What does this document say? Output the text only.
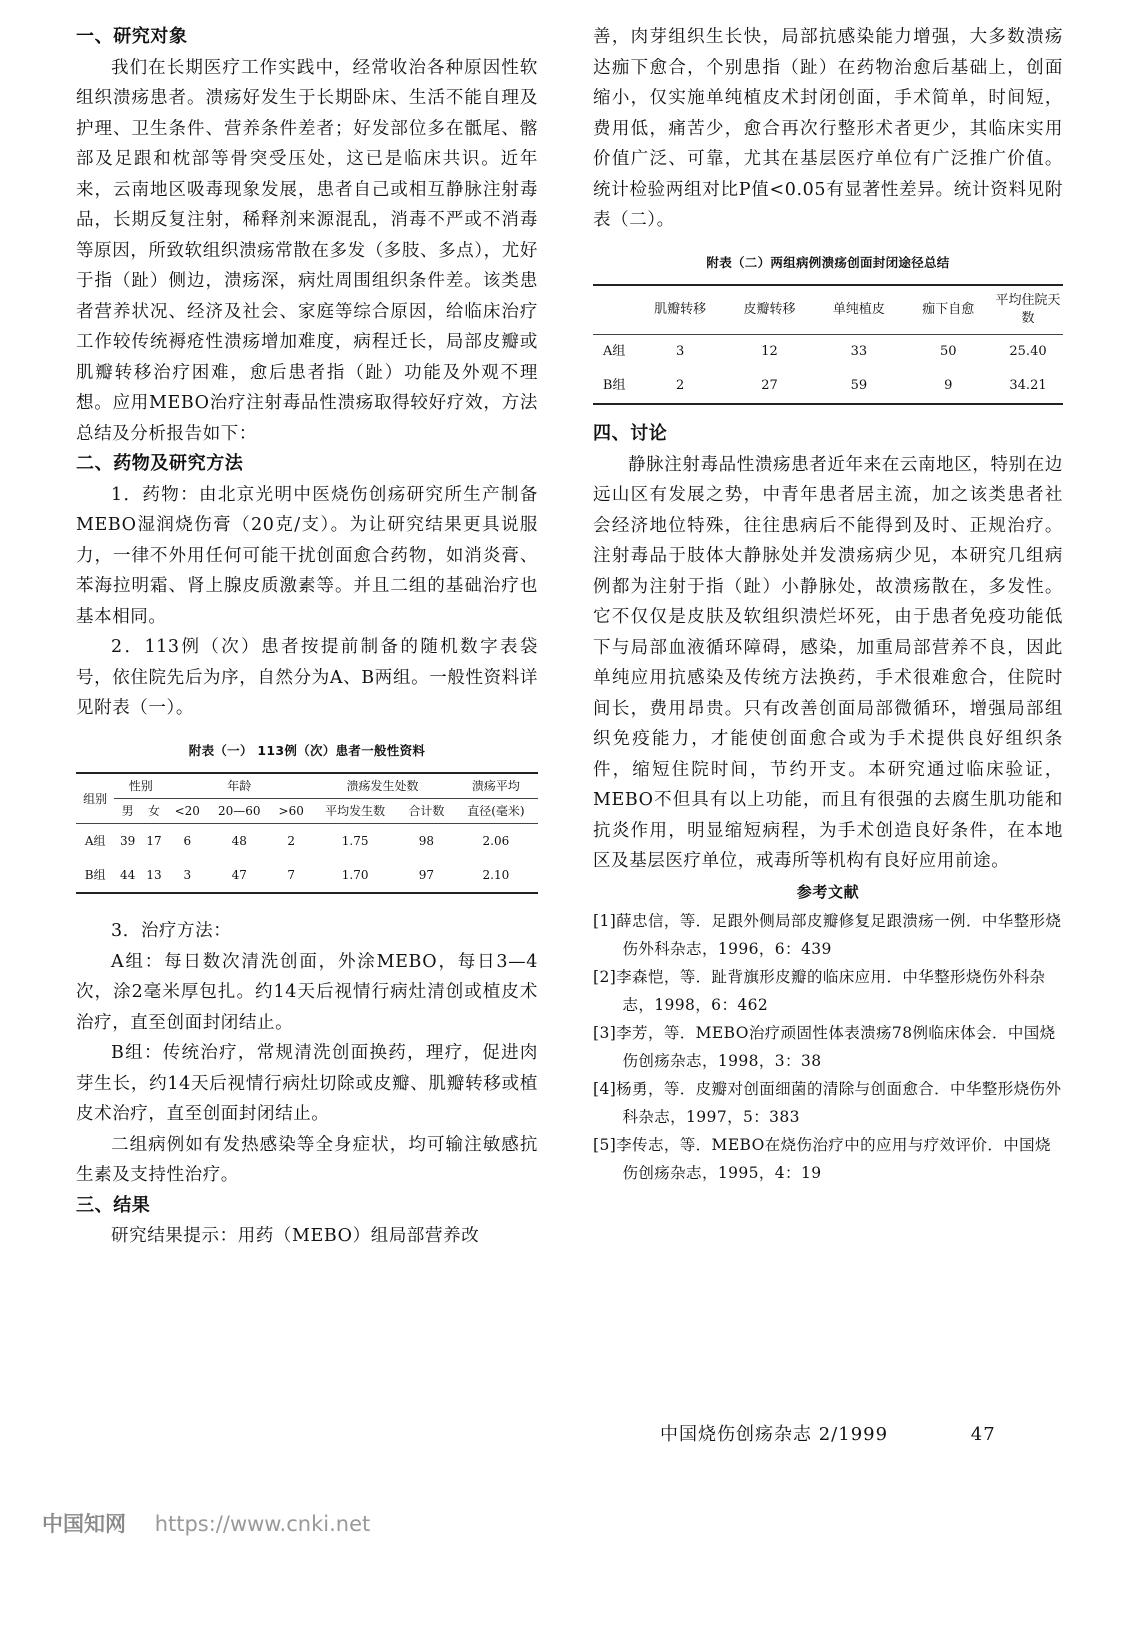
一、研究对象
我们在长期医疗工作实践中，经常收治各种原因性软组织溃疡患者。溃疡好发生于长期卧床、生活不能自理及护理、卫生条件、营养条件差者；好发部位多在骶尾、髂部及足跟和枕部等骨突受压处，这已是临床共识。近年来，云南地区吸毒现象发展，患者自己或相互静脉注射毒品，长期反复注射，稀释剂来源混乱，消毒不严或不消毒等原因，所致软组织溃疡常散在多发（多肢、多点），尤好于指（趾）侧边，溃疡深，病灶周围组织条件差。该类患者营养状况、经济及社会、家庭等综合原因，给临床治疗工作较传统褥疮性溃疡增加难度，病程迁长，局部皮瓣或肌瓣转移治疗困难，愈后患者指（趾）功能及外观不理想。应用MEBO治疗注射毒品性溃疡取得较好疗效，方法总结及分析报告如下：
二、药物及研究方法
1．药物：由北京光明中医烧伤创疡研究所生产制备MEBO湿润烧伤膏（20克/支）。为让研究结果更具说服力，一律不外用任何可能干扰创面愈合药物，如消炎膏、苯海拉明霜、肾上腺皮质激素等。并且二组的基础治疗也基本相同。
2．113例（次）患者按提前制备的随机数字表袋号，依住院先后为序，自然分为A、B两组。一般性资料详见附表（一）。
附表（一） 113例（次）患者一般性资料
组别	性别		年龄			溃疡发生处数		溃疡平均
	男	女	<20	20—60	>60	平均发生数	合计数	直径(毫米)
A组	39	17	6	48	2	1.75	98	2.06
B组	44	13	3	47	7	1.70	97	2.10
3．治疗方法：
A组：每日数次清洗创面，外涂MEBO，每日3—4次，涂2毫米厚包扎。约14天后视情行病灶清创或植皮术治疗，直至创面封闭结止。
B组：传统治疗，常规清洗创面换药，理疗，促进肉芽生长，约14天后视情行病灶切除或皮瓣、肌瓣转移或植皮术治疗，直至创面封闭结止。
二组病例如有发热感染等全身症状，均可输注敏感抗生素及支持性治疗。
三、结果
研究结果提示：用药（MEBO）组局部营养改
善，肉芽组织生长快，局部抗感染能力增强，大多数溃疡达痂下愈合，个别患指（趾）在药物治愈后基础上，创面缩小，仅实施单纯植皮术封闭创面，手术简单，时间短，费用低，痛苦少，愈合再次行整形术者更少，其临床实用价值广泛、可靠，尤其在基层医疗单位有广泛推广价值。统计检验两组对比P值<0.05有显著性差异。统计资料见附表（二）。
附表（二）两组病例溃疡创面封闭途径总结
	肌瓣转移	皮瓣转移	单纯植皮	痂下自愈	平均住院天数
A组	3	12	33	50	25.40
B组	2	27	59	9	34.21
四、讨论
静脉注射毒品性溃疡患者近年来在云南地区，特别在边远山区有发展之势，中青年患者居主流，加之该类患者社会经济地位特殊，往往患病后不能得到及时、正规治疗。注射毒品于肢体大静脉处并发溃疡病少见，本研究几组病例都为注射于指（趾）小静脉处，故溃疡散在，多发性。它不仅仅是皮肤及软组织溃烂坏死，由于患者免疫功能低下与局部血液循环障碍，感染，加重局部营养不良，因此单纯应用抗感染及传统方法换药，手术很难愈合，住院时间长，费用昂贵。只有改善创面局部微循环，增强局部组织免疫能力，才能使创面愈合或为手术提供良好组织条件，缩短住院时间，节约开支。本研究通过临床验证，MEBO不但具有以上功能，而且有很强的去腐生肌功能和抗炎作用，明显缩短病程，为手术创造良好条件，在本地区及基层医疗单位，戒毒所等机构有良好应用前途。
参考文献
[1]薛忠信，等．足跟外侧局部皮瓣修复足跟溃疡一例．中华整形烧伤外科杂志，1996，6：439
[2]李森恺，等．趾背旗形皮瓣的临床应用．中华整形烧伤外科杂志，1998，6：462
[3]李芳，等．MEBO治疗顽固性体表溃疡78例临床体会．中国烧伤创疡杂志，1998，3：38
[4]杨勇，等．皮瓣对创面细菌的清除与创面愈合．中华整形烧伤外科杂志，1997，5：383
[5]李传志，等．MEBO在烧伤治疗中的应用与疗效评价．中国烧伤创疡杂志，1995，4：19
中国烧伤创疡杂志 2/1999	47
中国知网 https://www.cnki.net
